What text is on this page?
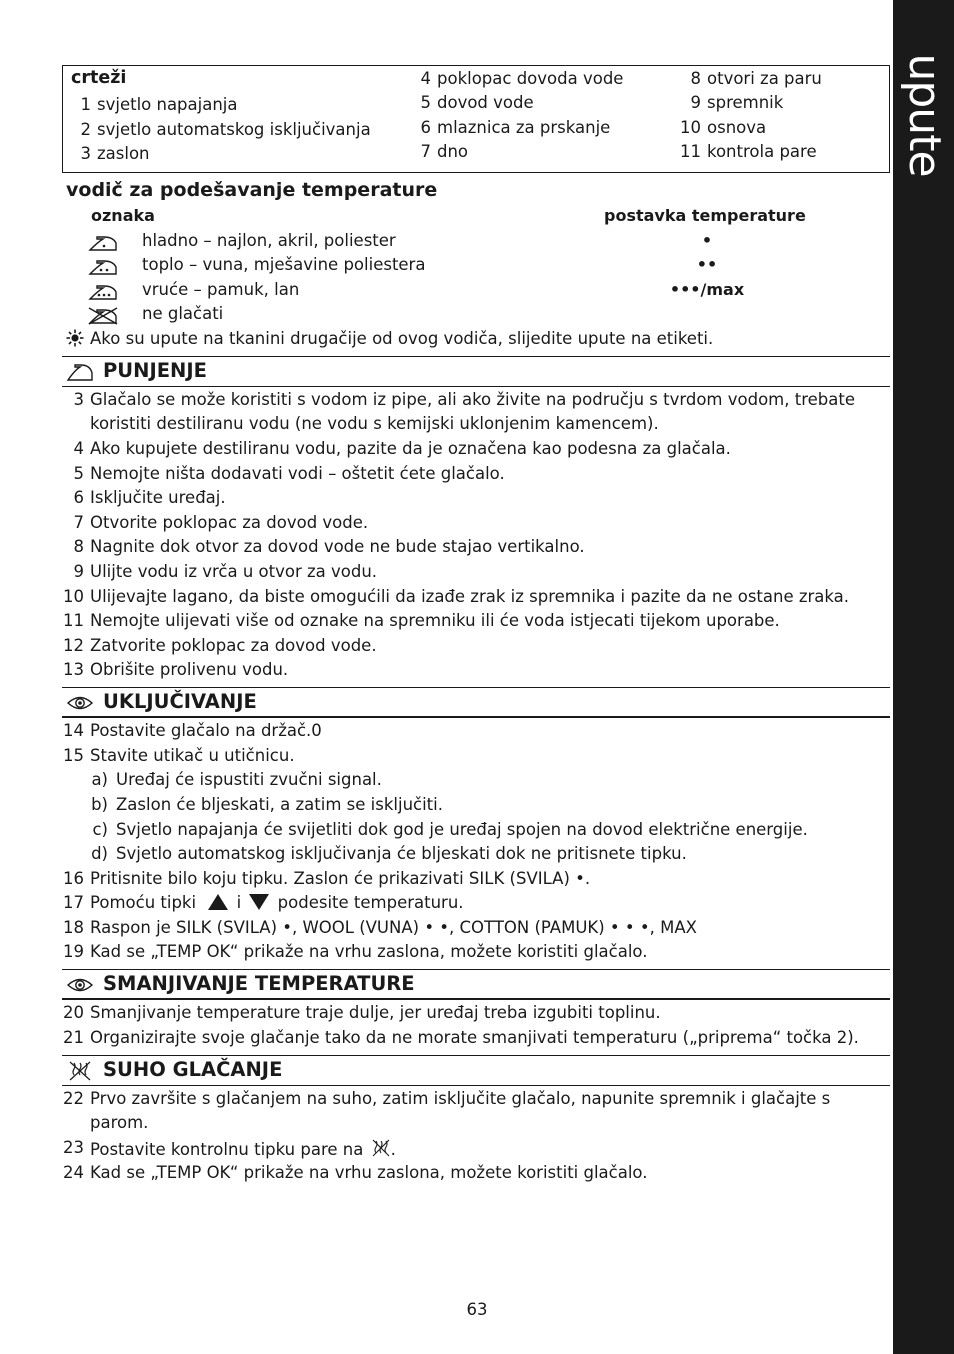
upute
crteži
1 svjetlo napajanja
2 svjetlo automatskog isključivanja
3 zaslon
4 poklopac dovoda vode
5 dovod vode
6 mlaznica za prskanje
7 dno
8 otvori za paru
9 spremnik
10 osnova
11 kontrola pare
vodič za podešavanje temperature
oznaka	postavka temperature
hladno – najlon, akril, poliester	•
toplo – vuna, mješavine poliestera	••
vruće – pamuk, lan	•••/max
ne glačati
Ako su upute na tkanini drugačije od ovog vodiča, slijedite upute na etiketi.
PUNJENJE
3 Glačalo se može koristiti s vodom iz pipe, ali ako živite na području s tvrdom vodom, trebate
koristiti destiliranu vodu (ne vodu s kemijski uklonjenim kamencem).
4 Ako kupujete destiliranu vodu, pazite da je označena kao podesna za glačala.
5 Nemojte ništa dodavati vodi – oštetit ćete glačalo.
6 Isključite uređaj.
7 Otvorite poklopac za dovod vode.
8 Nagnite dok otvor za dovod vode ne bude stajao vertikalno.
9 Ulijte vodu iz vrča u otvor za vodu.
10 Ulijevajte lagano, da biste omogućili da izađe zrak iz spremnika i pazite da ne ostane zraka.
11 Nemojte ulijevati više od oznake na spremniku ili će voda istjecati tijekom uporabe.
12 Zatvorite poklopac za dovod vode.
13 Obrišite prolivenu vodu.
UKLJUČIVANJE
14 Postavite glačalo na držač.0
15 Stavite utikač u utičnicu.
a) Uređaj će ispustiti zvučni signal.
b) Zaslon će bljeskati, a zatim se isključiti.
c) Svjetlo napajanja će svijetliti dok god je uređaj spojen na dovod električne energije.
d) Svjetlo automatskog isključivanja će bljeskati dok ne pritisnete tipku.
16 Pritisnite bilo koju tipku. Zaslon će prikazivati SILK (SVILA) •.
17 Pomoću tipki i podesite temperaturu.
18 Raspon je SILK (SVILA) •, WOOL (VUNA) • •, COTTON (PAMUK) • • •, MAX
19 Kad se „TEMP OK“ prikaže na vrhu zaslona, možete koristiti glačalo.
SMANJIVANJE TEMPERATURE
20 Smanjivanje temperature traje dulje, jer uređaj treba izgubiti toplinu.
21 Organizirajte svoje glačanje tako da ne morate smanjivati temperaturu („priprema“ točka 2).
SUHO GLAČANJE
22 Prvo završite s glačanjem na suho, zatim isključite glačalo, napunite spremnik i glačajte s
parom.
23 Postavite kontrolnu tipku pare na .
24 Kad se „TEMP OK“ prikaže na vrhu zaslona, možete koristiti glačalo.
63
